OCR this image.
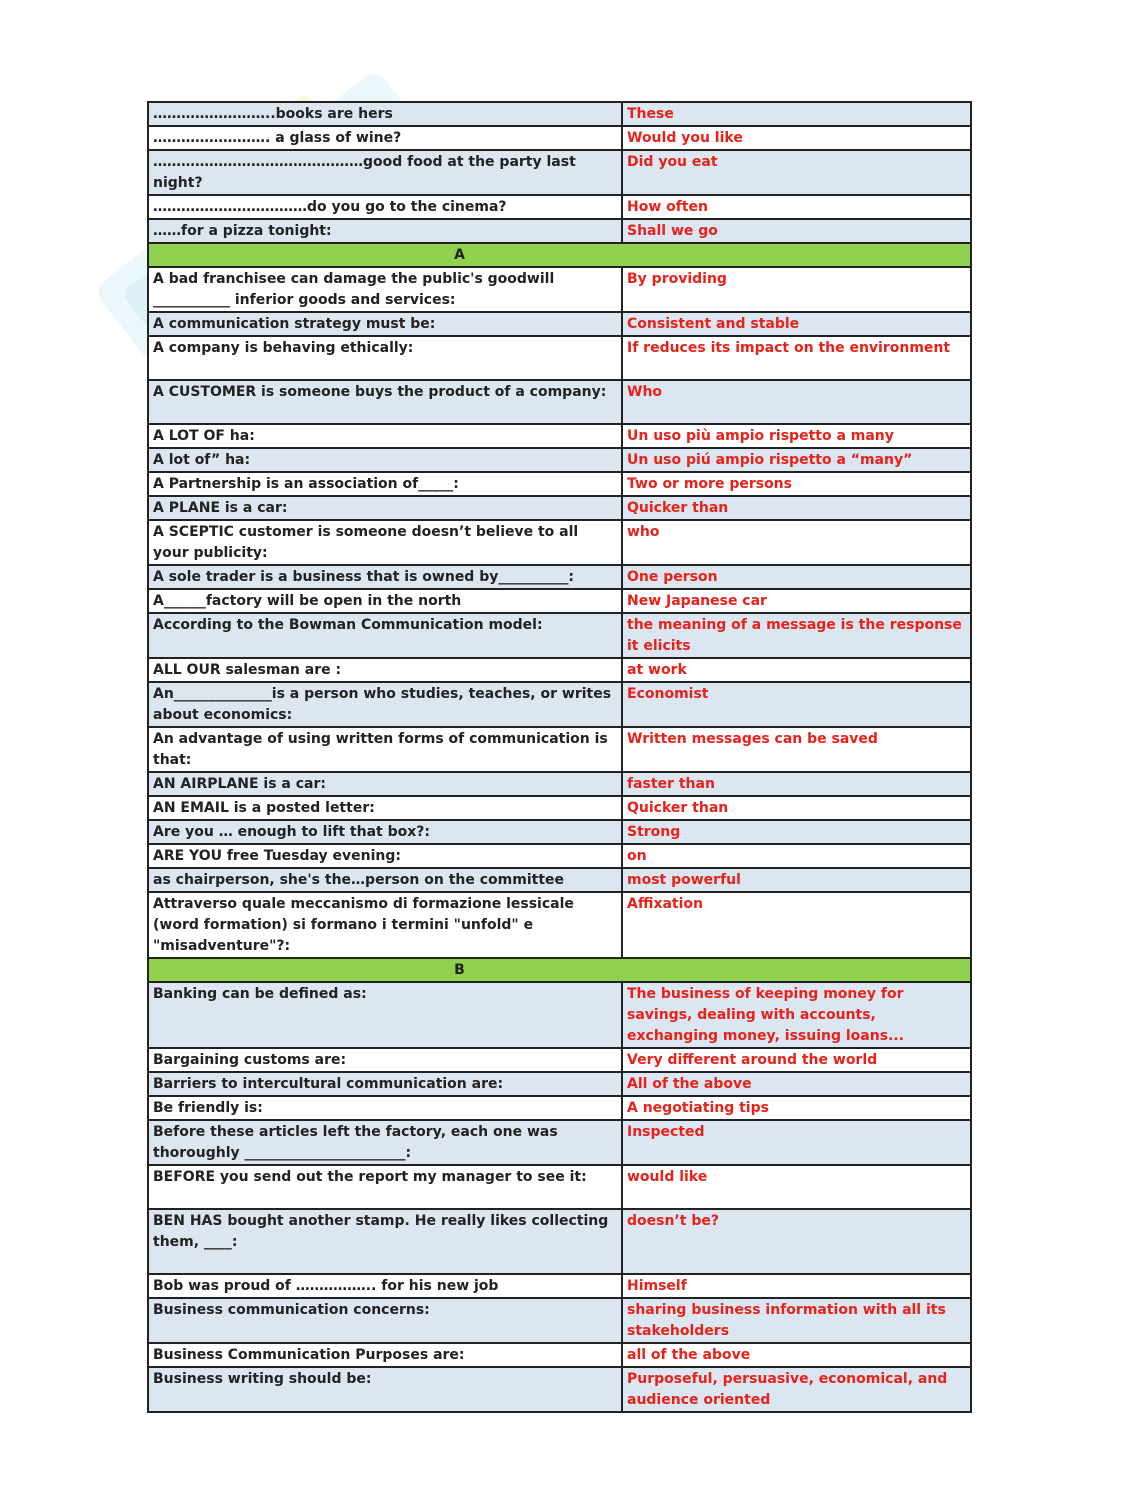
……………………..books are hers	These
……………………. a glass of wine?	Would you like
………………………………………good food at the party last night?	Did you eat
……………………………do you go to the cinema?	How often
……for a pizza tonight:	Shall we go
A	
A bad franchisee can damage the public's goodwill ___________ inferior goods and services:	By providing
A communication strategy must be:	Consistent and stable
A company is behaving ethically:	If reduces its impact on the environment
A CUSTOMER is someone buys the product of a company:	Who
A LOT OF ha:	Un uso più ampio rispetto a many
A lot of” ha:	Un uso piú ampio rispetto a “many”
A Partnership is an association of_____:	Two or more persons
A PLANE is a car:	Quicker than
A SCEPTIC customer is someone doesn’t believe to all your publicity:	who
A sole trader is a business that is owned by__________:	One person
A______factory will be open in the north	New Japanese car
According to the Bowman Communication model:	the meaning of a message is the response it elicits
ALL OUR salesman are :	at work
An______________is a person who studies, teaches, or writes about economics:	Economist
An advantage of using written forms of communication is that:	Written messages can be saved
AN AIRPLANE is a car:	faster than
AN EMAIL is a posted letter:	Quicker than
Are you … enough to lift that box?:	Strong
ARE YOU free Tuesday evening:	on
as chairperson, she's the…person on the committee	most powerful
Attraverso quale meccanismo di formazione lessicale (word formation) si formano i termini "unfold" e "misadventure"?:	Affixation
B	
Banking can be defined as:	The business of keeping money for savings, dealing with accounts, exchanging money, issuing loans...
Bargaining customs are:	Very different around the world
Barriers to intercultural communication are:	All of the above
Be friendly is:	A negotiating tips
Before these articles left the factory, each one was thoroughly _______________________:	Inspected
BEFORE you send out the report my manager to see it:	would like
BEN HAS bought another stamp. He really likes collecting them, ____:	doesn’t be?
Bob was proud of …………….. for his new job	Himself
Business communication concerns:	sharing business information with all its stakeholders
Business Communication Purposes are:	all of the above
Business writing should be:	Purposeful, persuasive, economical, and audience oriented
